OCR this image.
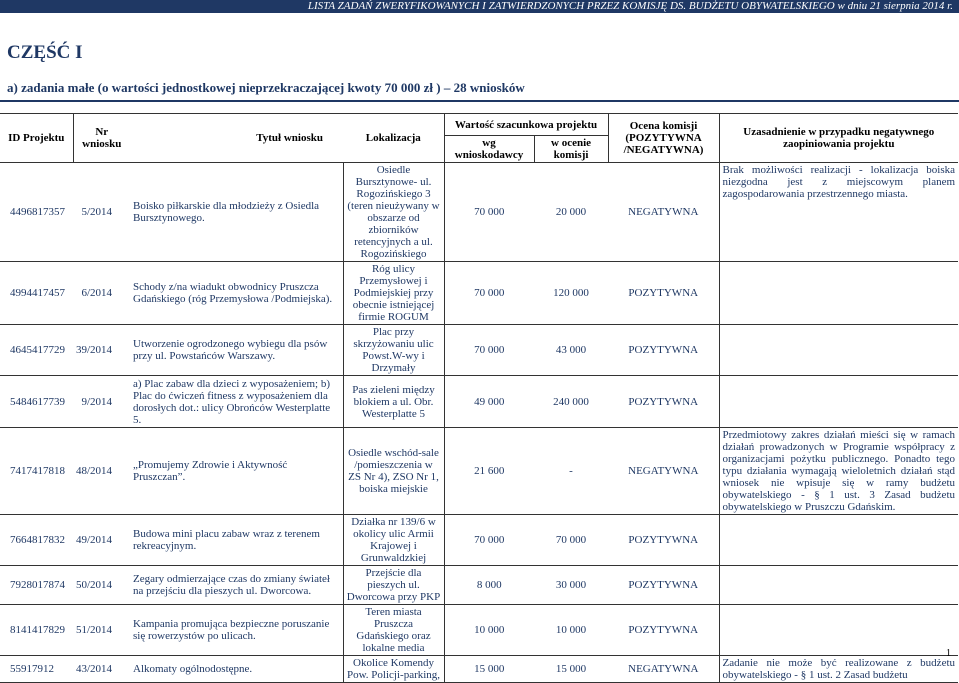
LISTA ZADAŃ ZWERYFIKOWANYCH I ZATWIERDZONYCH PRZEZ KOMISJĘ DS. BUDŻETU OBYWATELSKIEGO w dniu 21 sierpnia 2014 r.
CZĘŚĆ I
a) zadania małe (o wartości jednostkowej nieprzekraczającej kwoty 70 000 zł ) – 28 wniosków
ID Projektu	Nr wniosku	Tytuł wniosku	Lokalizacja	Wartość szacunkowa projektu		Ocena komisji (POZYTYWNA /NEGATYWNA)	Uzasadnienie w przypadku negatywnego zaopiniowania projektu
				wg wnioskodawcy	w ocenie komisji		
4496817357	5/2014	Boisko piłkarskie dla młodzieży z Osiedla Bursztynowego.	Osiedle Bursztynowe- ul. Rogozińskiego 3 (teren nieużywany w obszarze od zbiorników retencyjnych a ul. Rogozińskiego	70 000	20 000	NEGATYWNA	Brak możliwości realizacji - lokalizacja boiska niezgodna jest z miejscowym planem zagospodarowania przestrzennego miasta.
4994417457	6/2014	Schody z/na wiadukt obwodnicy Pruszcza Gdańskiego (róg Przemysłowa /Podmiejska).	Róg ulicy Przemysłowej i Podmiejskiej przy obecnie istniejącej firmie ROGUM	70 000	120 000	POZYTYWNA	
4645417729	39/2014	Utworzenie ogrodzonego wybiegu dla psów przy ul. Powstańców Warszawy.	Plac przy skrzyżowaniu ulic Powst.W-wy i Drzymały	70 000	43 000	POZYTYWNA	
5484617739	9/2014	a) Plac zabaw dla dzieci z wyposażeniem; b) Plac do ćwiczeń fitness z wyposażeniem dla dorosłych dot.: ulicy Obrońców Westerplatte 5.	Pas zieleni między blokiem a ul. Obr. Westerplatte 5	49 000	240 000	POZYTYWNA	
7417417818	48/2014	„Promujemy Zdrowie i Aktywność Pruszczan”.	Osiedle wschód-sale /pomieszczenia w ZS Nr 4), ZSO Nr 1, boiska miejskie	21 600	-	NEGATYWNA	Przedmiotowy zakres działań mieści się w ramach działań prowadzonych w Programie współpracy z organizacjami pożytku publicznego. Ponadto tego typu działania wymagają wieloletnich działań stąd wniosek nie wpisuje się w ramy budżetu obywatelskiego - § 1 ust. 3 Zasad budżetu obywatelskiego w Pruszczu Gdańskim.
7664817832	49/2014	Budowa mini placu zabaw wraz z terenem rekreacyjnym.	Działka nr 139/6 w okolicy ulic Armii Krajowej i Grunwaldzkiej	70 000	70 000	POZYTYWNA	
7928017874	50/2014	Zegary odmierzające czas do zmiany świateł na przejściu dla pieszych ul. Dworcowa.	Przejście dla pieszych ul. Dworcowa przy PKP	8 000	30 000	POZYTYWNA	
8141417829	51/2014	Kampania promująca bezpieczne poruszanie się rowerzystów po ulicach.	Teren miasta Pruszcza Gdańskiego oraz lokalne media	10 000	10 000	POZYTYWNA	
55917912	43/2014	Alkomaty ogólnodostępne.	Okolice Komendy Pow. Policji-parking,	15 000	15 000	NEGATYWNA	Zadanie nie może być realizowane z budżetu obywatelskiego - § 1 ust. 2 Zasad budżetu
1
